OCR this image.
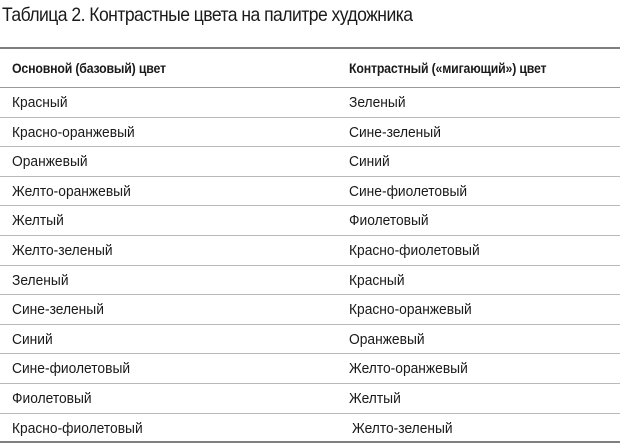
Таблица 2. Контрастные цвета на палитре художника
Основной (базовый) цвет	Контрастный («мигающий») цвет
Красный	Зеленый
Красно-оранжевый	Сине-зеленый
Оранжевый	Синий
Желто-оранжевый	Сине-фиолетовый
Желтый	Фиолетовый
Желто-зеленый	Красно-фиолетовый
Зеленый	Красный
Сине-зеленый	Красно-оранжевый
Синий	Оранжевый
Сине-фиолетовый	Желто-оранжевый
Фиолетовый	Желтый
Красно-фиолетовый	Желто-зеленый
